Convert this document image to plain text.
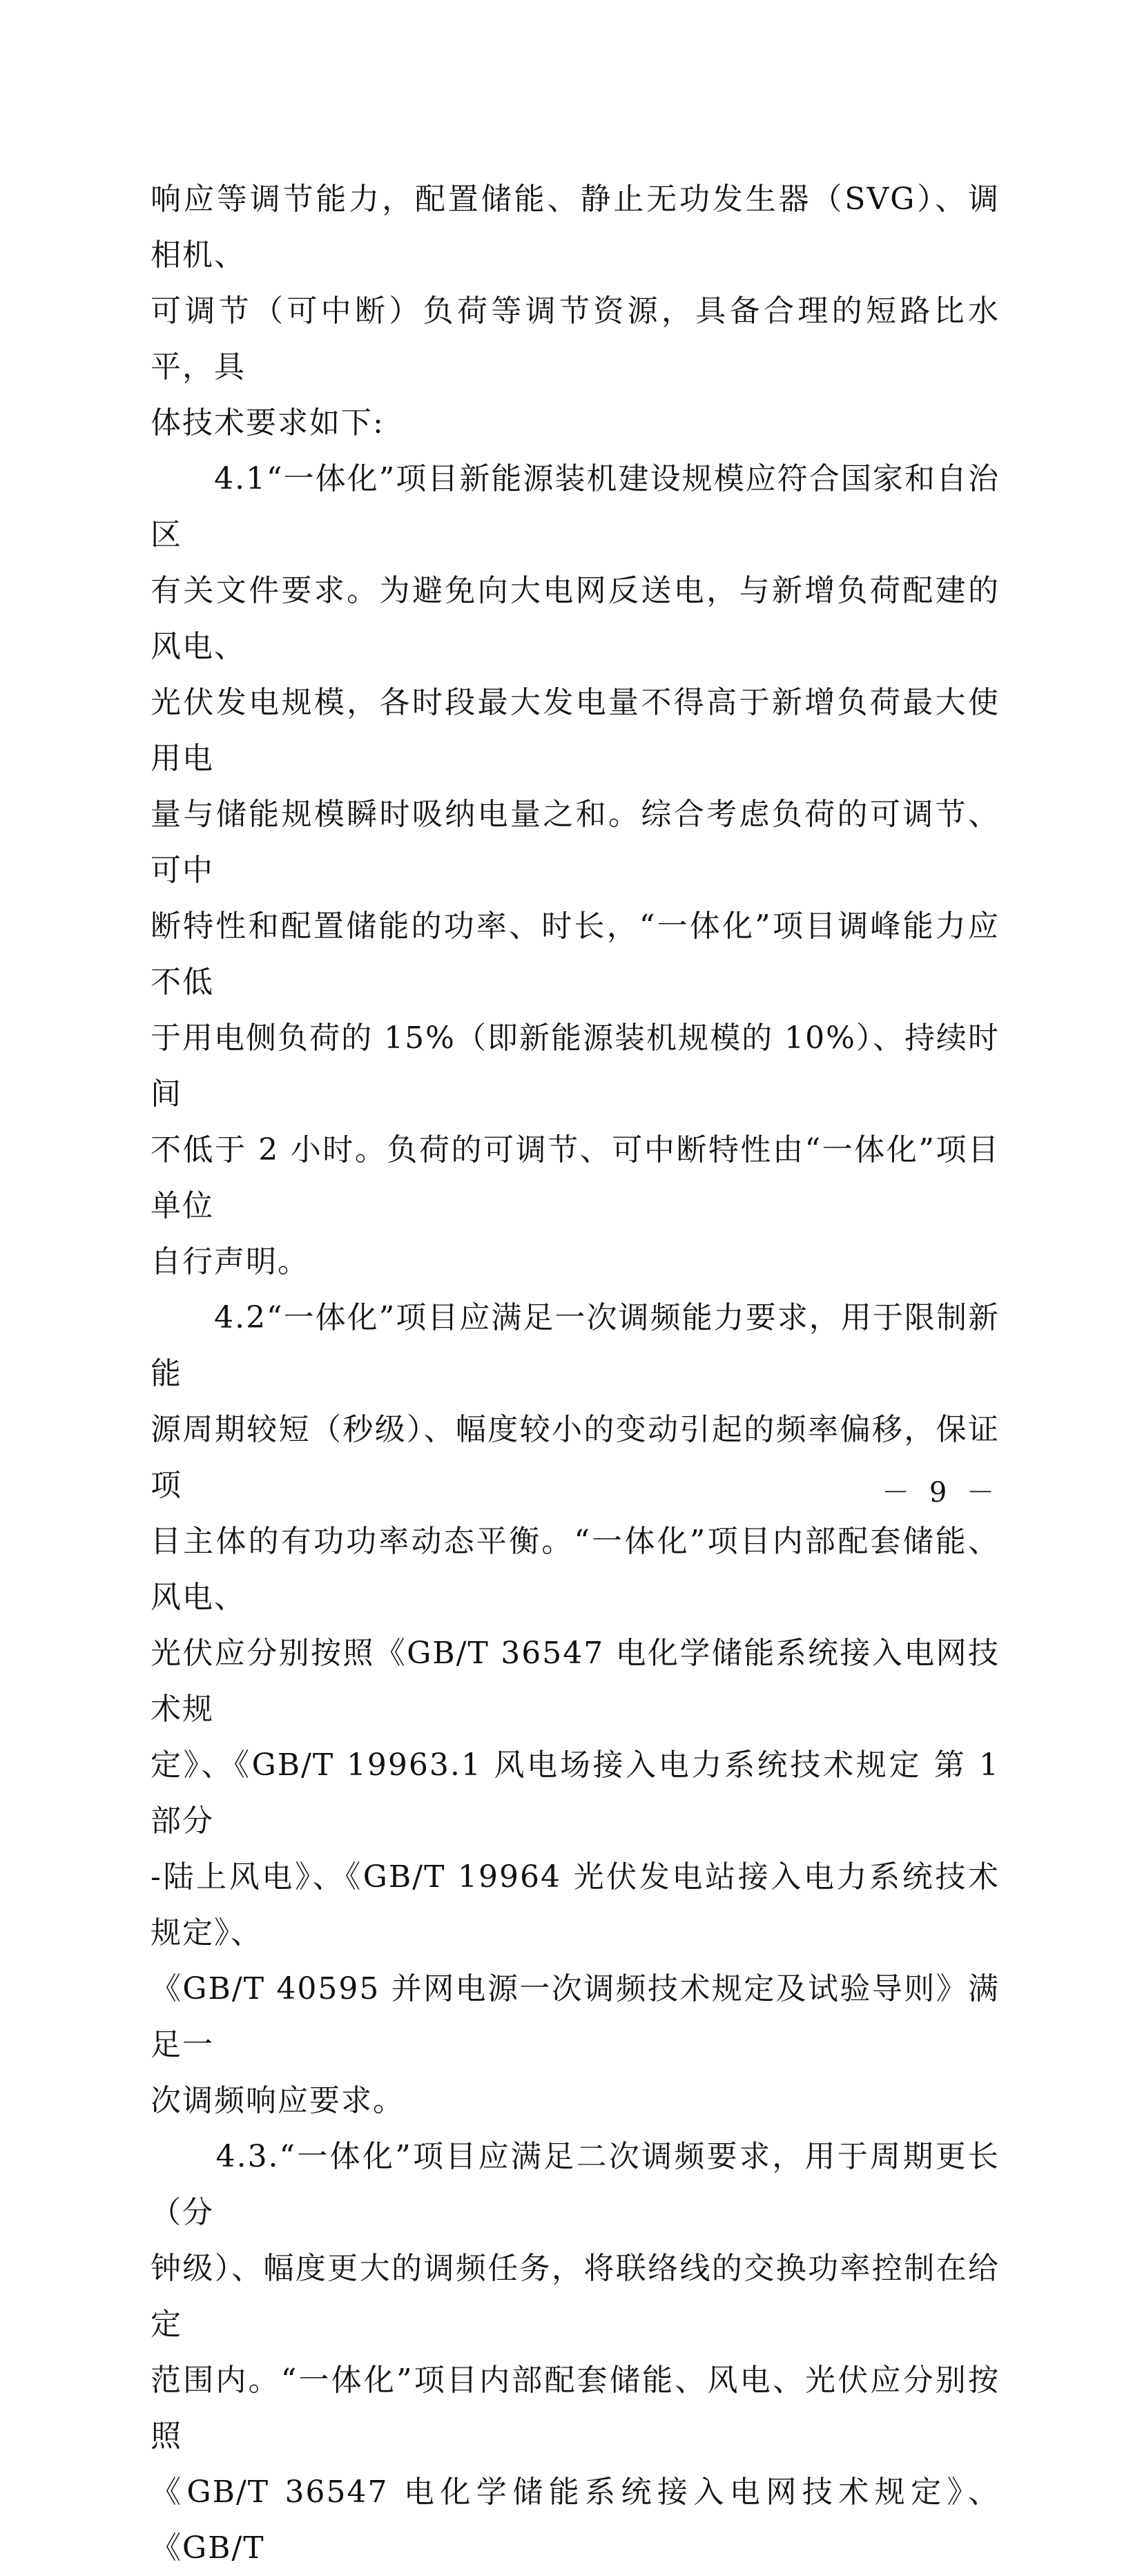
响应等调节能力，配置储能、静止无功发生器（SVG）、调相机、
可调节（可中断）负荷等调节资源，具备合理的短路比水平，具
体技术要求如下:

　　4.1“一体化”项目新能源装机建设规模应符合国家和自治区
有关文件要求。为避免向大电网反送电，与新增负荷配建的风电、
光伏发电规模，各时段最大发电量不得高于新增负荷最大使用电
量与储能规模瞬时吸纳电量之和。综合考虑负荷的可调节、可中
断特性和配置储能的功率、时长，“一体化”项目调峰能力应不低
于用电侧负荷的 15%（即新能源装机规模的 10%）、持续时间
不低于 2 小时。负荷的可调节、可中断特性由“一体化”项目单位
自行声明。

　　4.2“一体化”项目应满足一次调频能力要求，用于限制新能
源周期较短（秒级）、幅度较小的变动引起的频率偏移，保证项
目主体的有功功率动态平衡。“一体化”项目内部配套储能、风电、
光伏应分别按照《GB/T 36547 电化学储能系统接入电网技术规
定》、《GB/T 19963.1 风电场接入电力系统技术规定 第 1 部分
-陆上风电》、《GB/T 19964 光伏发电站接入电力系统技术规定》、
《GB/T 40595 并网电源一次调频技术规定及试验导则》满足一
次调频响应要求。

　　4.3.“一体化”项目应满足二次调频要求，用于周期更长（分
钟级）、幅度更大的调频任务，将联络线的交换功率控制在给定
范围内。“一体化”项目内部配套储能、风电、光伏应分别按照
《GB/T 36547 电化学储能系统接入电网技术规定》、《GB/T

－ 9 －
